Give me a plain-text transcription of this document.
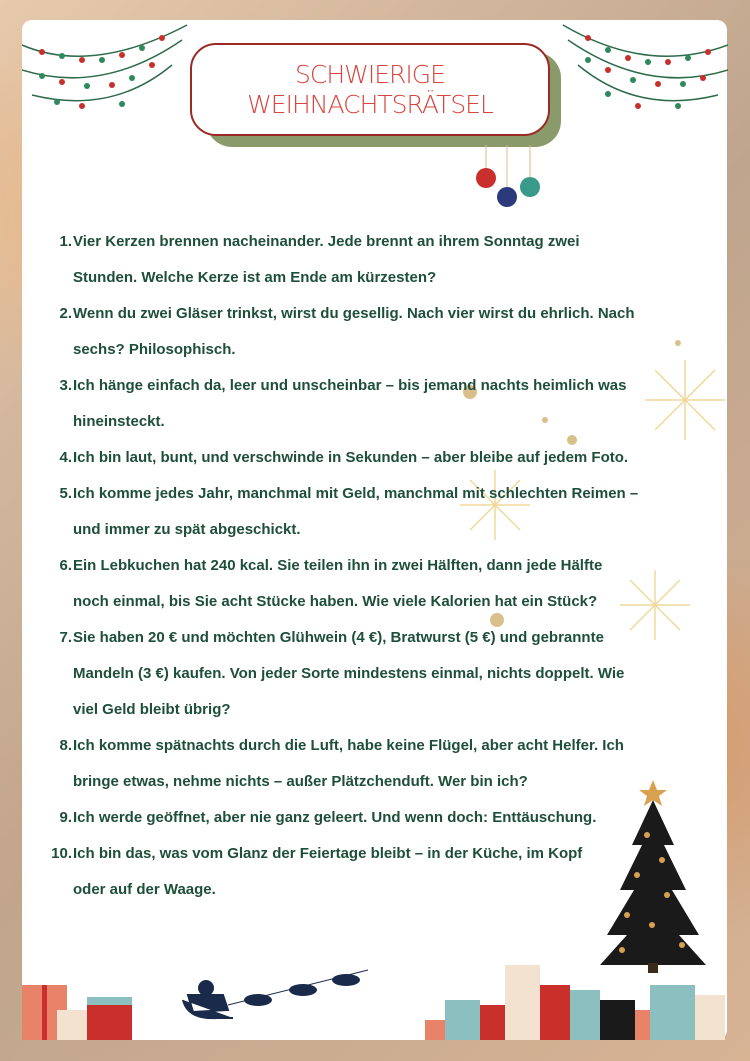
SCHWIERIGE
WEIHNACHTSRÄTSEL
1. Vier Kerzen brennen nacheinander. Jede brennt an ihrem Sonntag zwei
Stunden. Welche Kerze ist am Ende am kürzesten?
2. Wenn du zwei Gläser trinkst, wirst du gesellig. Nach vier wirst du ehrlich. Nach
sechs? Philosophisch.
3. Ich hänge einfach da, leer und unscheinbar – bis jemand nachts heimlich was
hineinsteckt.
4. Ich bin laut, bunt, und verschwinde in Sekunden – aber bleibe auf jedem Foto.
5. Ich komme jedes Jahr, manchmal mit Geld, manchmal mit schlechten Reimen –
und immer zu spät abgeschickt.
6. Ein Lebkuchen hat 240 kcal. Sie teilen ihn in zwei Hälften, dann jede Hälfte
noch einmal, bis Sie acht Stücke haben. Wie viele Kalorien hat ein Stück?
7. Sie haben 20 € und möchten Glühwein (4 €), Bratwurst (5 €) und gebrannte
Mandeln (3 €) kaufen. Von jeder Sorte mindestens einmal, nichts doppelt. Wie
viel Geld bleibt übrig?
8. Ich komme spätnachts durch die Luft, habe keine Flügel, aber acht Helfer. Ich
bringe etwas, nehme nichts – außer Plätzchenduft. Wer bin ich?
9. Ich werde geöffnet, aber nie ganz geleert. Und wenn doch: Enttäuschung.
10. Ich bin das, was vom Glanz der Feiertage bleibt – in der Küche, im Kopf
oder auf der Waage.
